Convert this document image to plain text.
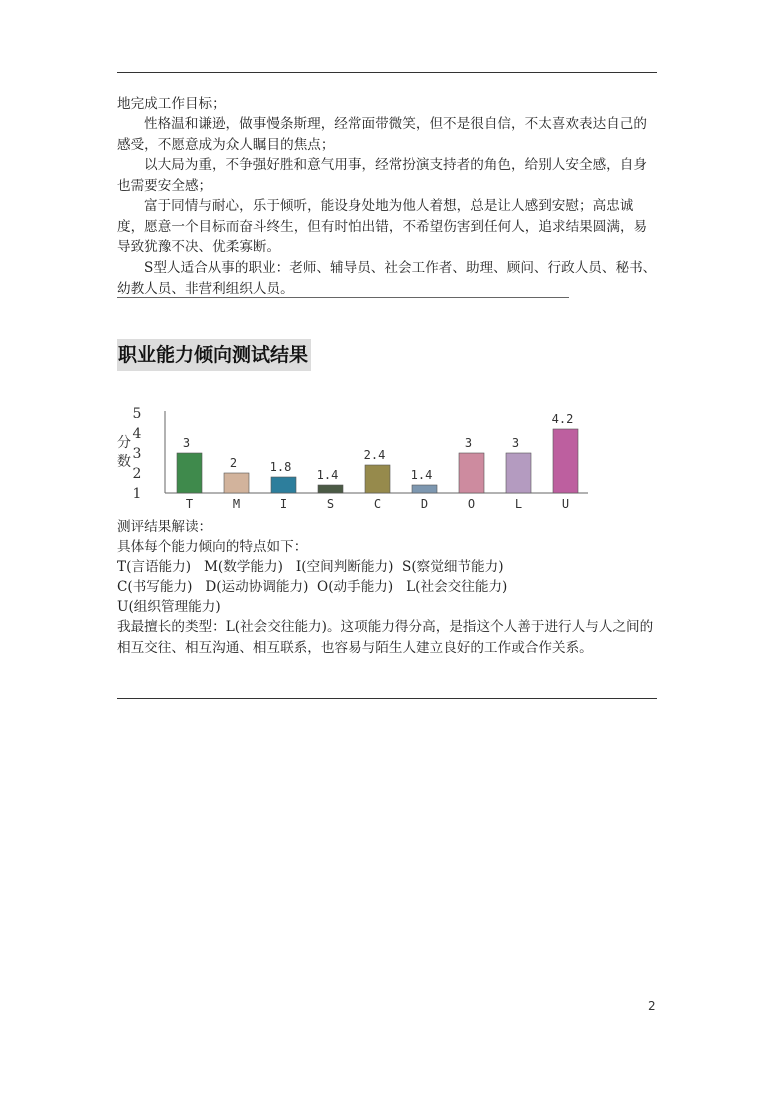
地完成工作目标；
性格温和谦逊，做事慢条斯理，经常面带微笑，但不是很自信，不太喜欢表达自己的感受，不愿意成为众人瞩目的焦点；
以大局为重，不争强好胜和意气用事，经常扮演支持者的角色，给别人安全感，自身也需要安全感；
富于同情与耐心，乐于倾听，能设身处地为他人着想，总是让人感到安慰；高忠诚度，愿意一个目标而奋斗终生，但有时怕出错，不希望伤害到任何人，追求结果圆满，易导致犹豫不决、优柔寡断。
S型人适合从事的职业：老师、辅导员、社会工作者、助理、顾问、行政人员、秘书、幼教人员、非营利组织人员。
职业能力倾向测试结果
1
2
3
4
5
分
数
3
T
2
M
1.8
I
1.4
S
2.4
C
1.4
D
3
O
3
L
4.2
U
测评结果解读：
具体每个能力倾向的特点如下：
T(言语能力)   M(数学能力)   I(空间判断能力)  S(察觉细节能力)
C(书写能力)   D(运动协调能力)  O(动手能力)   L(社会交往能力)
U(组织管理能力)
我最擅长的类型：L(社会交往能力)。这项能力得分高，是指这个人善于进行人与人之间的相互交往、相互沟通、相互联系，也容易与陌生人建立良好的工作或合作关系。
2
